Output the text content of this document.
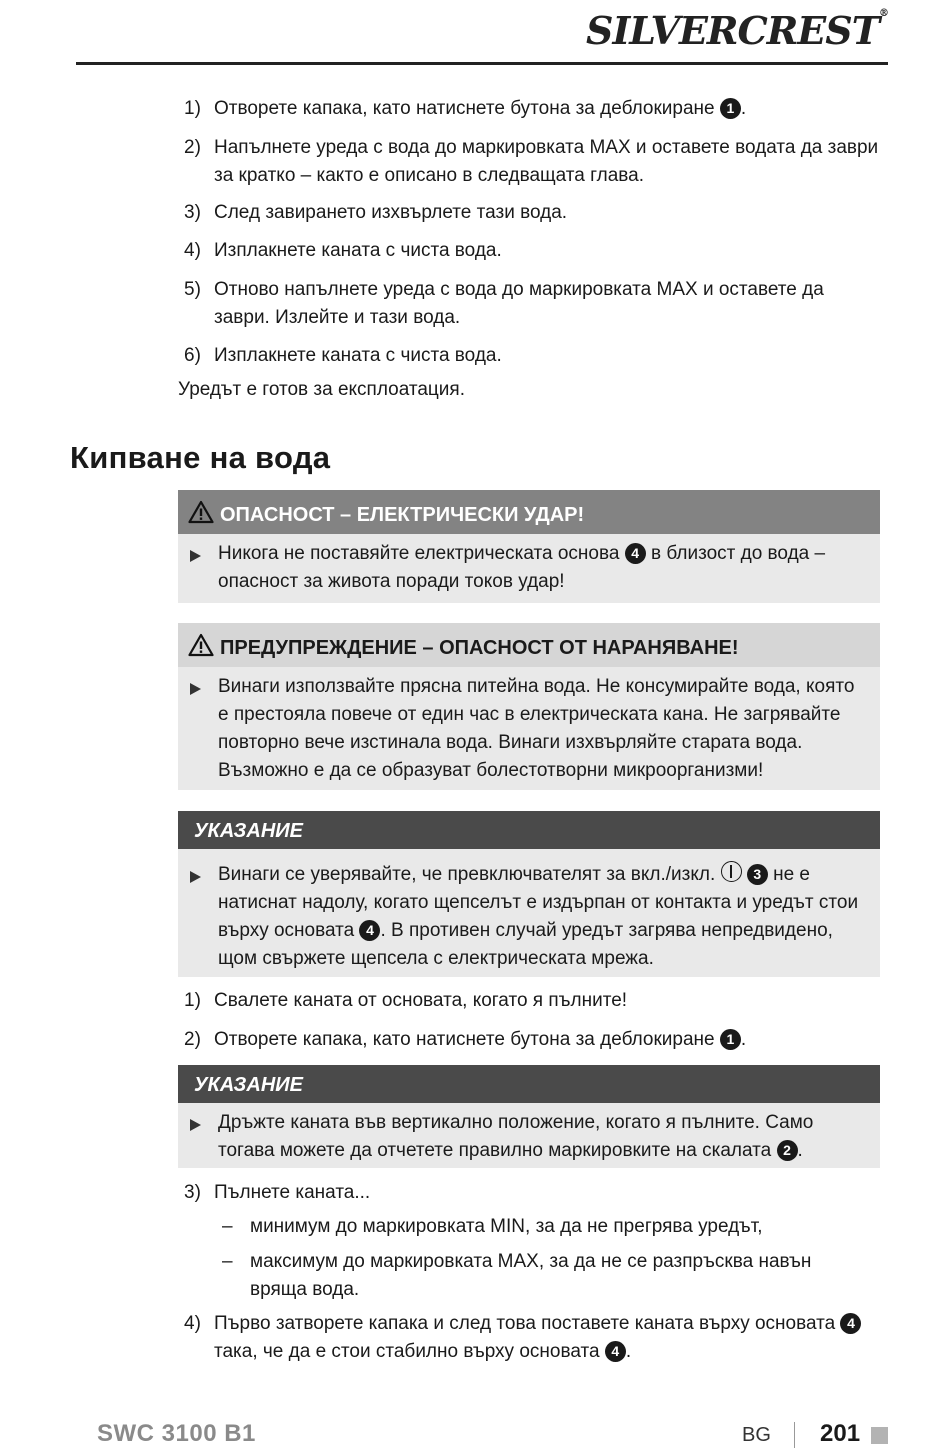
SILVERCREST®
1) Отворете капака, като натиснете бутона за деблокиране 1 .
2) Напълнете уреда с вода до маркировката MAX и оставете водата да заври за кратко – както е описано в следващата глава.
3) След завирането изхвърлете тази вода.
4) Изплакнете каната с чиста вода.
5) Отново напълнете уреда с вода до маркировката MAX и оставете да заври. Излейте и тази вода.
6) Изплакнете каната с чиста вода.
Уредът е готов за експлоатация.
Кипване на вода
ОПАСНОСТ – ЕЛЕКТРИЧЕСКИ УДАР!
Никога не поставяйте електрическата основа 4 в близост до вода – опасност за живота поради токов удар!
ПРЕДУПРЕЖДЕНИЕ – ОПАСНОСТ ОТ НАРАНЯВАНЕ!
Винаги използвайте прясна питейна вода. Не консумирайте вода, която е престояла повече от един час в електрическата кана. Не загрявайте повторно вече изстинала вода. Винаги изхвърляйте старата вода. Възможно е да се образуват болестотворни микроорганизми!
УКАЗАНИЕ
Винаги се уверявайте, че превключвателят за вкл./изкл.  3 не е натиснат надолу, когато щепселът е издърпан от контакта и уредът стои върху основата 4 . В противен случай уредът загрява непредвидено, щом свържете щепсела с електрическата мрежа.
1) Свалете каната от основата, когато я пълните!
2) Отворете капака, като натиснете бутона за деблокиране 1 .
УКАЗАНИЕ
Дръжте каната във вертикално положение, когато я пълните. Само тогава можете да отчетете правилно маркировките на скалата 2 .
3) Пълнете каната...
– минимум до маркировката MIN, за да не прегрява уредът,
– максимум до маркировката MAX, за да не се разпръсква навън вряща вода.
4) Първо затворете капака и след това поставете каната върху основата 4 така, че да е стои стабилно върху основата 4 .
SWC 3100 B1	BG 201
